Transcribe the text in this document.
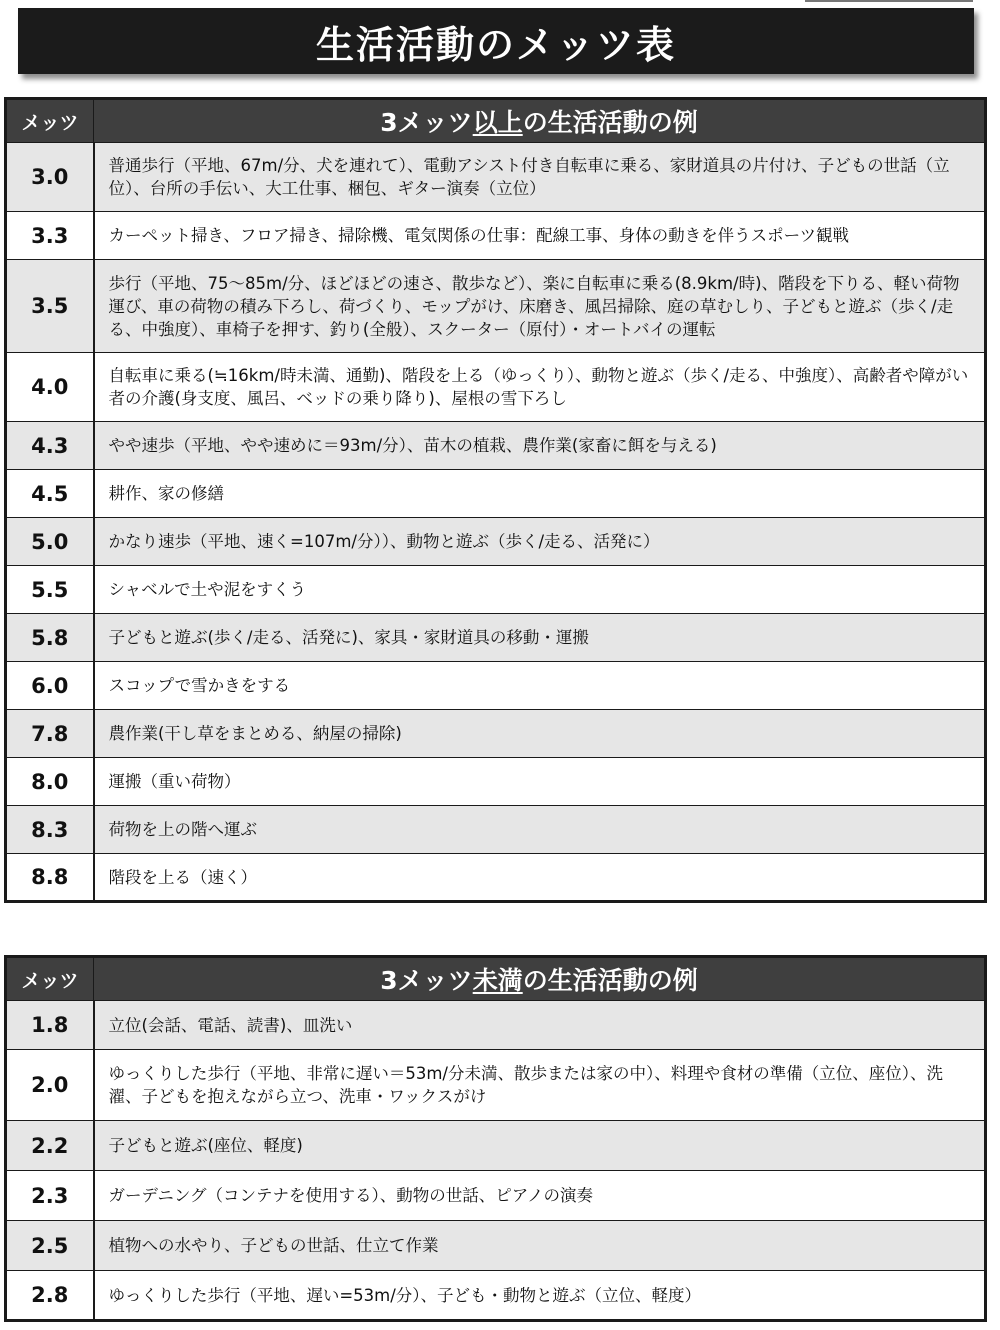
生活活動のメッツ表
メッツ	3メッツ以上の生活活動の例
3.0	普通歩行（平地、67m/分、犬を連れて）、電動アシスト付き自転車に乗る、家財道具の片付け、子どもの世話（立位）、台所の手伝い、大工仕事、梱包、ギター演奏（立位）
3.3	カーペット掃き、フロア掃き、掃除機、電気関係の仕事：配線工事、身体の動きを伴うスポーツ観戦
3.5	歩行（平地、75～85m/分、ほどほどの速さ、散歩など）、楽に自転車に乗る(8.9km/時)、階段を下りる、軽い荷物運び、車の荷物の積み下ろし、荷づくり、モップがけ、床磨き、風呂掃除、庭の草むしり、子どもと遊ぶ（歩く/走る、中強度）、車椅子を押す、釣り(全般）、スクーター（原付）・オートバイの運転
4.0	自転車に乗る(≒16km/時未満、通勤)、階段を上る（ゆっくり）、動物と遊ぶ（歩く/走る、中強度）、高齢者や障がい者の介護(身支度、風呂、ベッドの乗り降り)、屋根の雪下ろし
4.3	やや速歩（平地、やや速めに＝93m/分）、苗木の植栽、農作業(家畜に餌を与える)
4.5	耕作、家の修繕
5.0	かなり速歩（平地、速く=107m/分））、動物と遊ぶ（歩く/走る、活発に）
5.5	シャベルで土や泥をすくう
5.8	子どもと遊ぶ(歩く/走る、活発に)、家具・家財道具の移動・運搬
6.0	スコップで雪かきをする
7.8	農作業(干し草をまとめる、納屋の掃除)
8.0	運搬（重い荷物）
8.3	荷物を上の階へ運ぶ
8.8	階段を上る（速く）
メッツ	3メッツ未満の生活活動の例
1.8	立位(会話、電話、読書)、皿洗い
2.0	ゆっくりした歩行（平地、非常に遅い＝53m/分未満、散歩または家の中）、料理や食材の準備（立位、座位）、洗濯、子どもを抱えながら立つ、洗車・ワックスがけ
2.2	子どもと遊ぶ(座位、軽度)
2.3	ガーデニング（コンテナを使用する）、動物の世話、ピアノの演奏
2.5	植物への水やり、子どもの世話、仕立て作業
2.8	ゆっくりした歩行（平地、遅い=53m/分）、子ども・動物と遊ぶ（立位、軽度）
